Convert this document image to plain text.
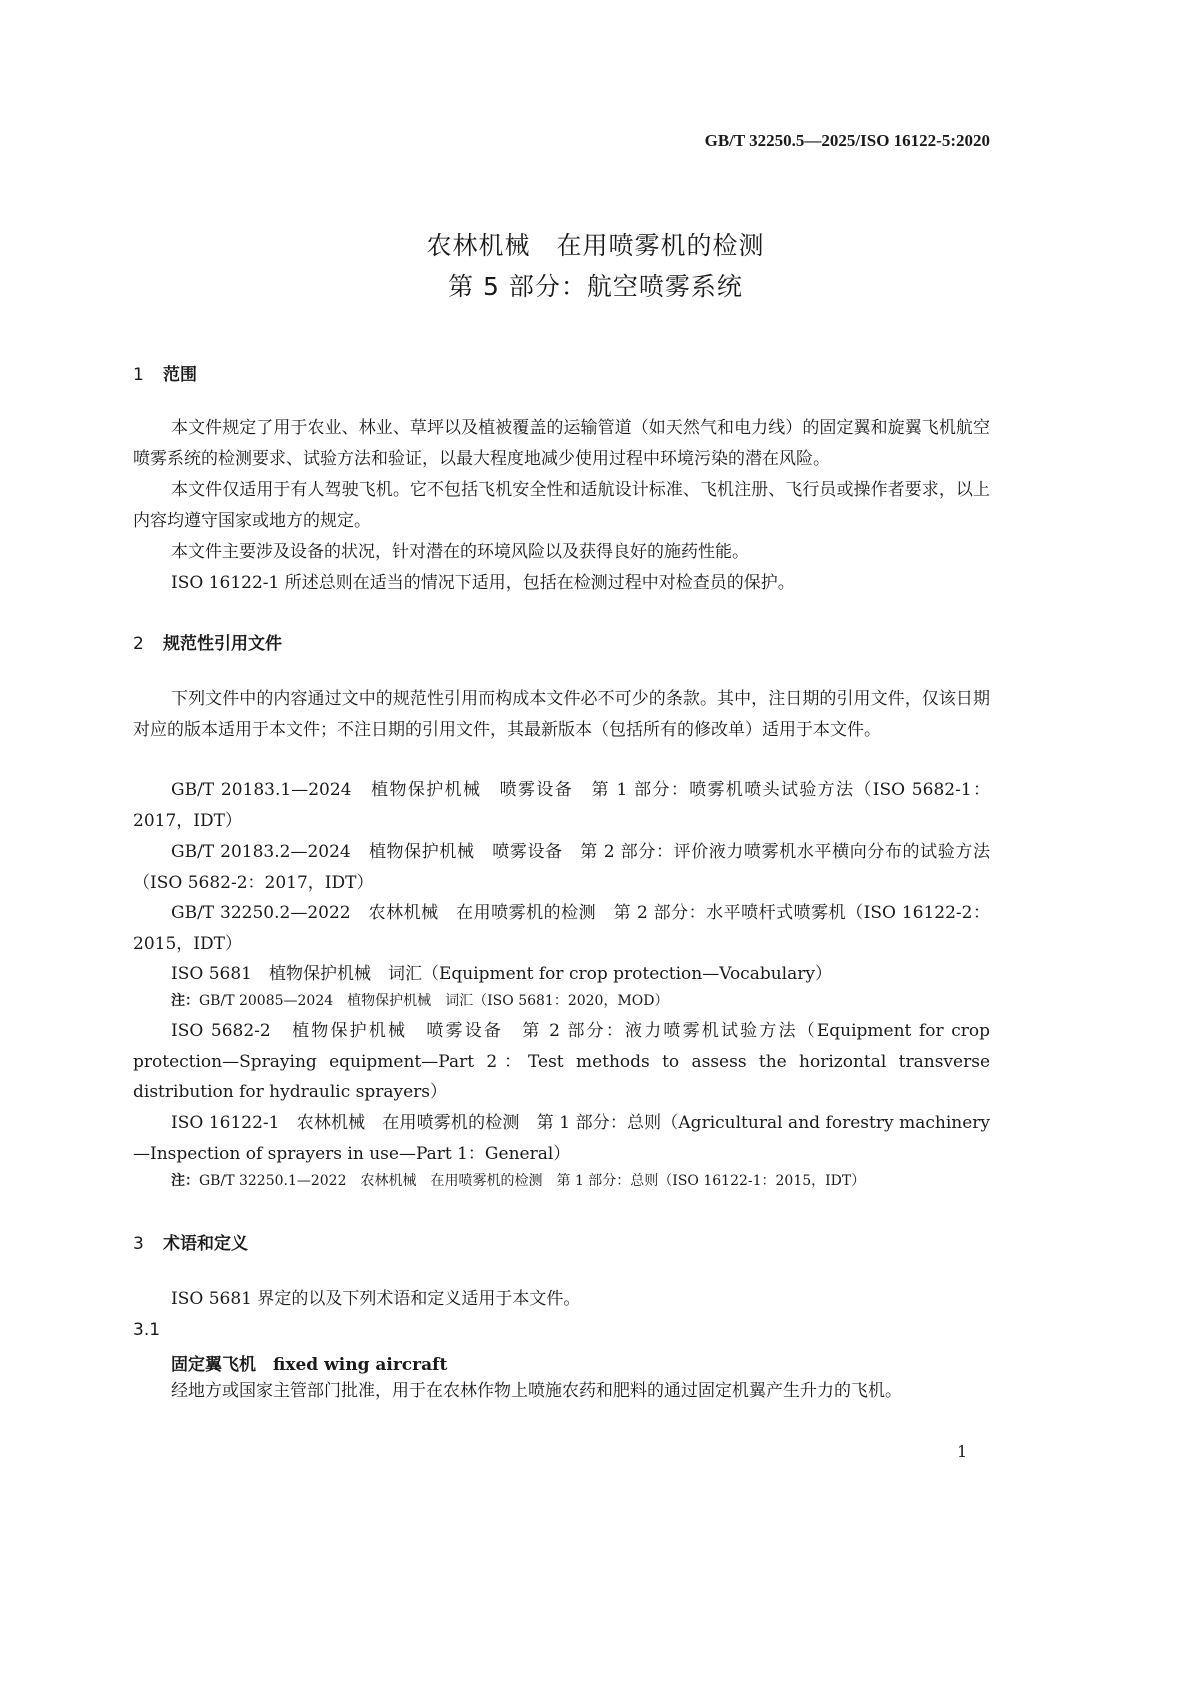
GB/T 32250.5—2025/ISO 16122-5:2020
农林机械　在用喷雾机的检测
第 5 部分：航空喷雾系统
1 范围
本文件规定了用于农业、林业、草坪以及植被覆盖的运输管道（如天然气和电力线）的固定翼和旋翼飞机航空喷雾系统的检测要求、试验方法和验证，以最大程度地减少使用过程中环境污染的潜在风险。
本文件仅适用于有人驾驶飞机。它不包括飞机安全性和适航设计标准、飞机注册、飞行员或操作者要求，以上内容均遵守国家或地方的规定。
本文件主要涉及设备的状况，针对潜在的环境风险以及获得良好的施药性能。
ISO 16122-1 所述总则在适当的情况下适用，包括在检测过程中对检查员的保护。
2 规范性引用文件
下列文件中的内容通过文中的规范性引用而构成本文件必不可少的条款。其中，注日期的引用文件，仅该日期对应的版本适用于本文件；不注日期的引用文件，其最新版本（包括所有的修改单）适用于本文件。
GB/T 20183.1—2024　植物保护机械　喷雾设备　第 1 部分：喷雾机喷头试验方法（ISO 5682-1：2017，IDT）
GB/T 20183.2—2024　植物保护机械　喷雾设备　第 2 部分：评价液力喷雾机水平横向分布的试验方法（ISO 5682-2：2017，IDT）
GB/T 32250.2—2022　农林机械　在用喷雾机的检测　第 2 部分：水平喷杆式喷雾机（ISO 16122-2：2015，IDT）
ISO 5681　植物保护机械　词汇（Equipment for crop protection—Vocabulary）
注：GB/T 20085—2024　植物保护机械　词汇（ISO 5681：2020，MOD）
ISO 5682-2　植物保护机械　喷雾设备　第 2 部分：液力喷雾机试验方法（Equipment for crop protection—Spraying equipment—Part 2：Test methods to assess the horizontal transverse distribution for hydraulic sprayers）
ISO 16122-1　农林机械　在用喷雾机的检测　第 1 部分：总则（Agricultural and forestry machinery—Inspection of sprayers in use—Part 1：General）
注：GB/T 32250.1—2022　农林机械　在用喷雾机的检测　第 1 部分：总则（ISO 16122-1：2015，IDT）
3 术语和定义
ISO 5681 界定的以及下列术语和定义适用于本文件。
3.1
固定翼飞机　fixed wing aircraft
经地方或国家主管部门批准，用于在农林作物上喷施农药和肥料的通过固定机翼产生升力的飞机。
1
